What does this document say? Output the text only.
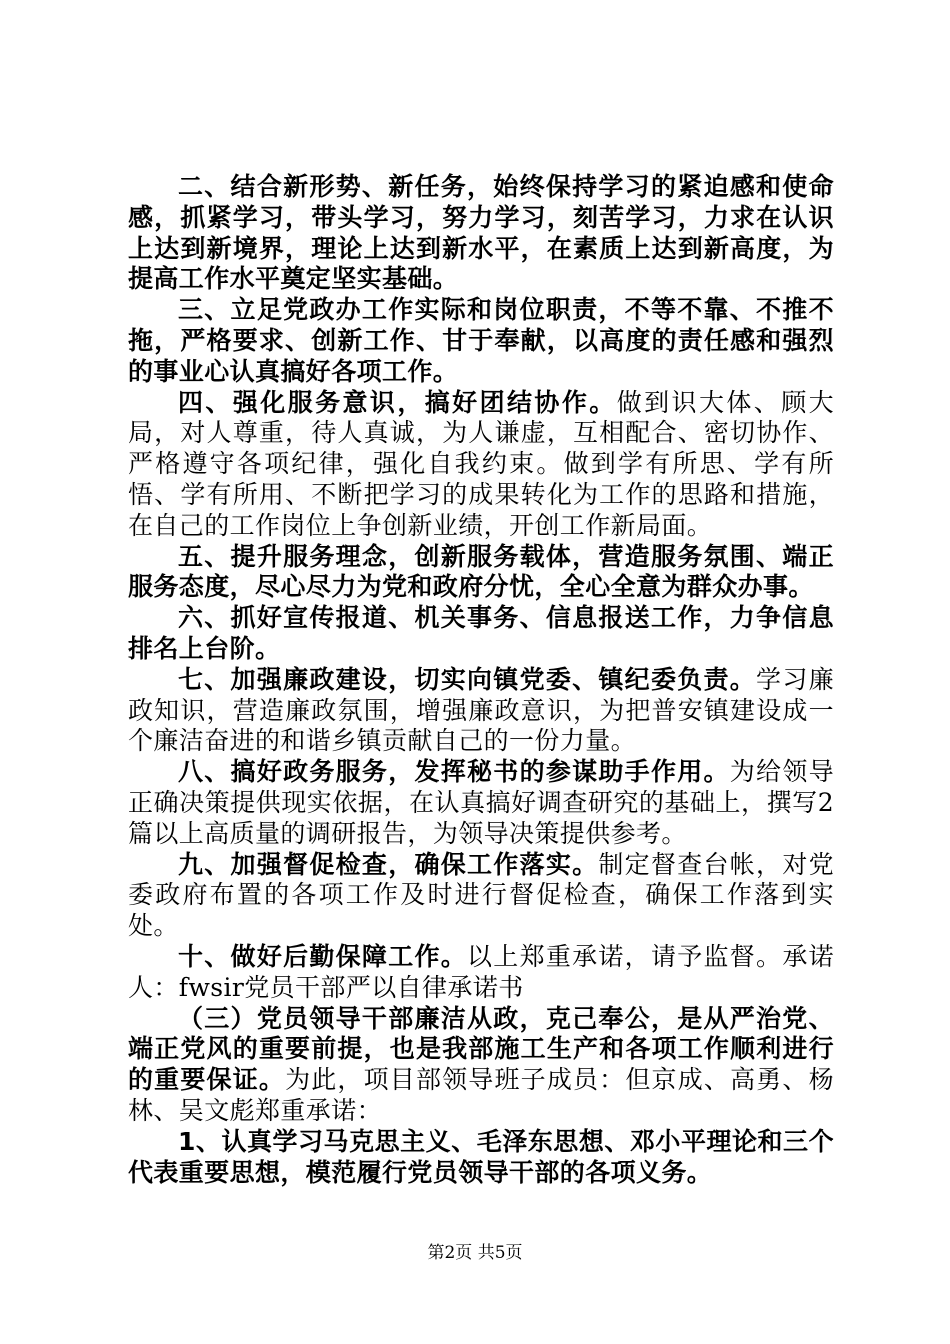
二、结合新形势、新任务，始终保持学习的紧迫感和使命感，抓紧学习，带头学习，努力学习，刻苦学习，力求在认识上达到新境界，理论上达到新水平，在素质上达到新高度，为提高工作水平奠定坚实基础。

三、立足党政办工作实际和岗位职责，不等不靠、不推不拖，严格要求、创新工作、甘于奉献，以高度的责任感和强烈的事业心认真搞好各项工作。

四、强化服务意识，搞好团结协作。做到识大体、顾大局，对人尊重，待人真诚，为人谦虚，互相配合、密切协作、严格遵守各项纪律，强化自我约束。做到学有所思、学有所悟、学有所用、不断把学习的成果转化为工作的思路和措施，在自己的工作岗位上争创新业绩，开创工作新局面。

五、提升服务理念，创新服务载体，营造服务氛围、端正服务态度，尽心尽力为党和政府分忧，全心全意为群众办事。

六、抓好宣传报道、机关事务、信息报送工作，力争信息排名上台阶。

七、加强廉政建设，切实向镇党委、镇纪委负责。学习廉政知识，营造廉政氛围，增强廉政意识，为把普安镇建设成一个廉洁奋进的和谐乡镇贡献自己的一份力量。

八、搞好政务服务，发挥秘书的参谋助手作用。为给领导正确决策提供现实依据，在认真搞好调查研究的基础上，撰写2篇以上高质量的调研报告，为领导决策提供参考。

九、加强督促检查，确保工作落实。制定督查台帐，对党委政府布置的各项工作及时进行督促检查，确保工作落到实处。

十、做好后勤保障工作。以上郑重承诺，请予监督。承诺人：fwsir党员干部严以自律承诺书

（三）党员领导干部廉洁从政，克己奉公，是从严治党、端正党风的重要前提，也是我部施工生产和各项工作顺利进行的重要保证。为此，项目部领导班子成员：但京成、高勇、杨林、吴文彪郑重承诺：

1、认真学习马克思主义、毛泽东思想、邓小平理论和三个代表重要思想，模范履行党员领导干部的各项义务。

第2页 共5页
